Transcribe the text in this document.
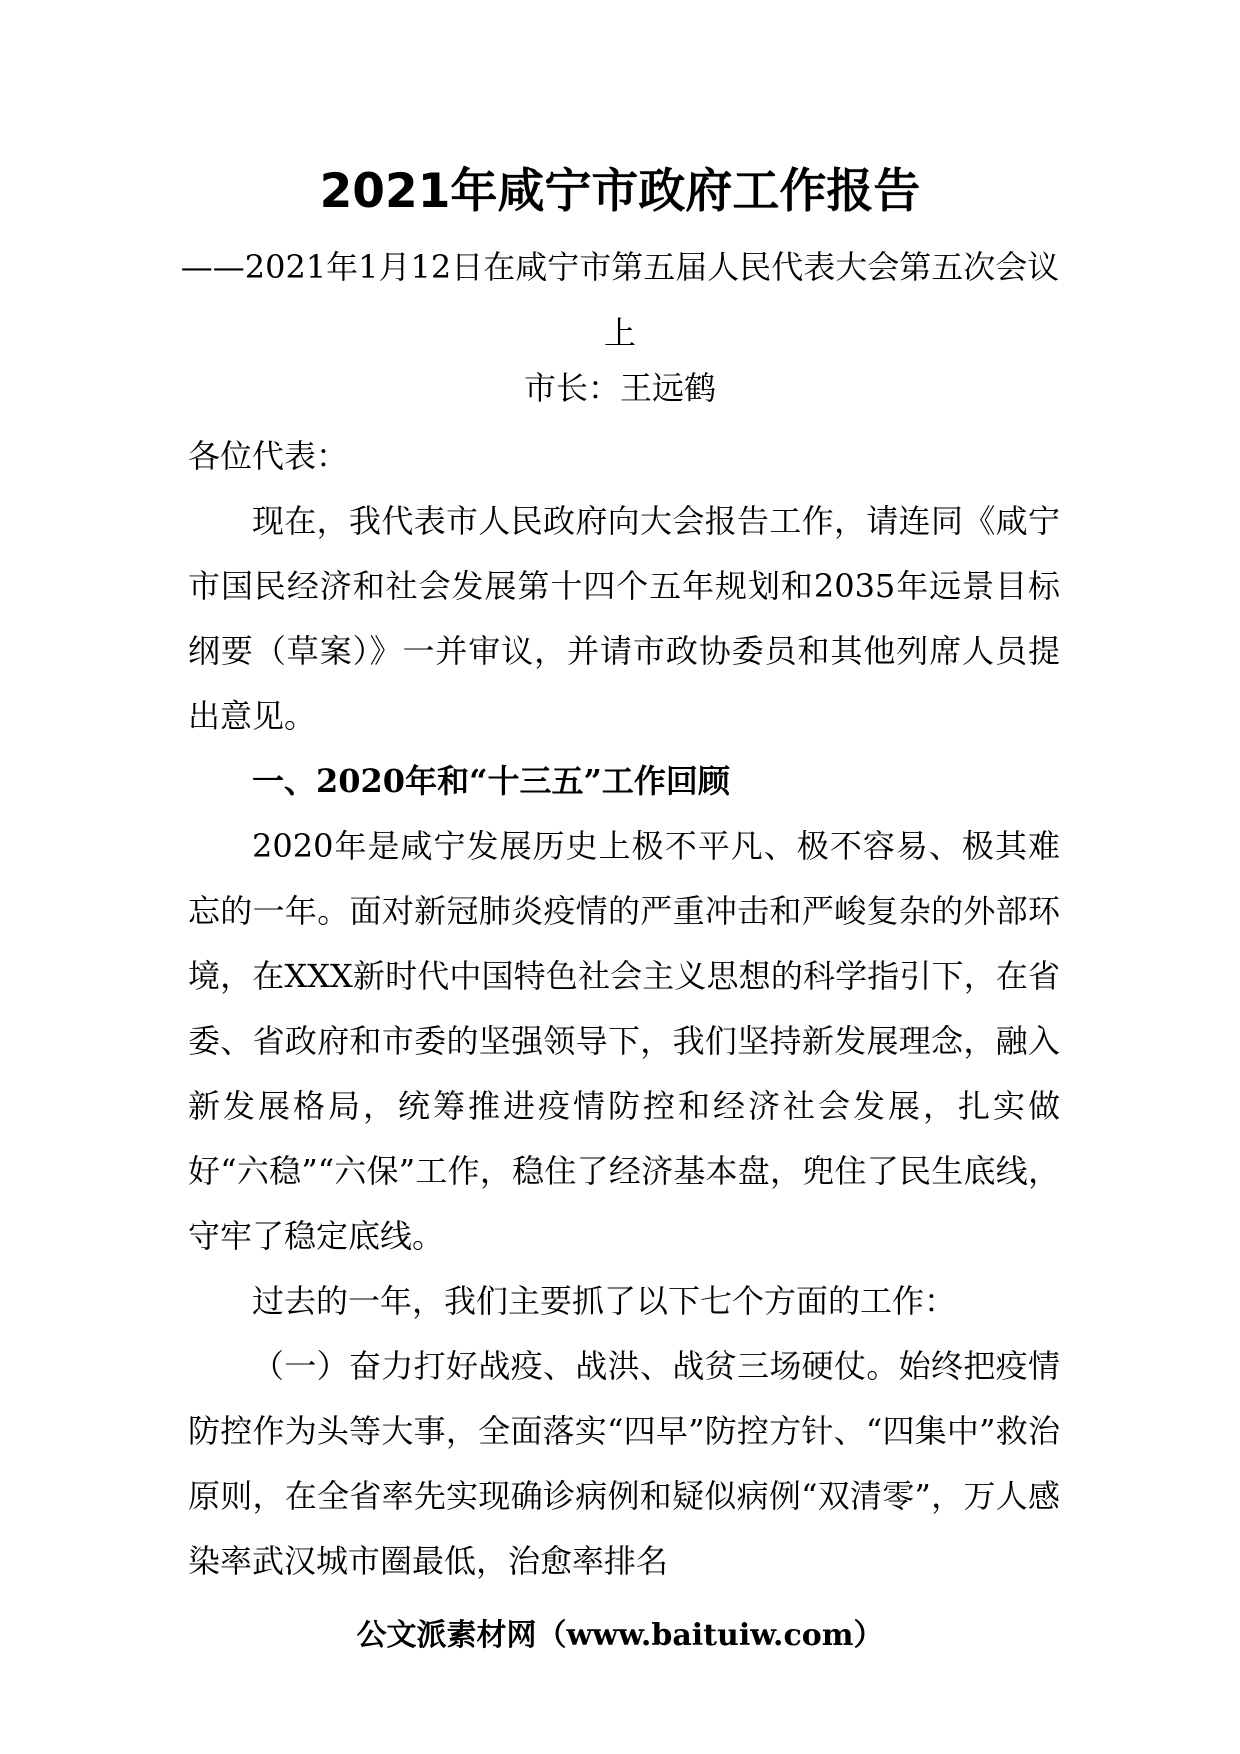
2021年咸宁市政府工作报告
——2021年1月12日在咸宁市第五届人民代表大会第五次会议上
市长：王远鹤

各位代表：

现在，我代表市人民政府向大会报告工作，请连同《咸宁市国民经济和社会发展第十四个五年规划和2035年远景目标纲要（草案）》一并审议，并请市政协委员和其他列席人员提出意见。

一、2020年和“十三五”工作回顾

2020年是咸宁发展历史上极不平凡、极不容易、极其难忘的一年。面对新冠肺炎疫情的严重冲击和严峻复杂的外部环境，在XXX新时代中国特色社会主义思想的科学指引下，在省委、省政府和市委的坚强领导下，我们坚持新发展理念，融入新发展格局，统筹推进疫情防控和经济社会发展，扎实做好“六稳”“六保”工作，稳住了经济基本盘，兜住了民生底线，守牢了稳定底线。

过去的一年，我们主要抓了以下七个方面的工作：

（一）奋力打好战疫、战洪、战贫三场硬仗。始终把疫情防控作为头等大事，全面落实“四早”防控方针、“四集中”救治原则，在全省率先实现确诊病例和疑似病例“双清零”，万人感染率武汉城市圈最低，治愈率排名

公文派素材网（www.baituiw.com）
